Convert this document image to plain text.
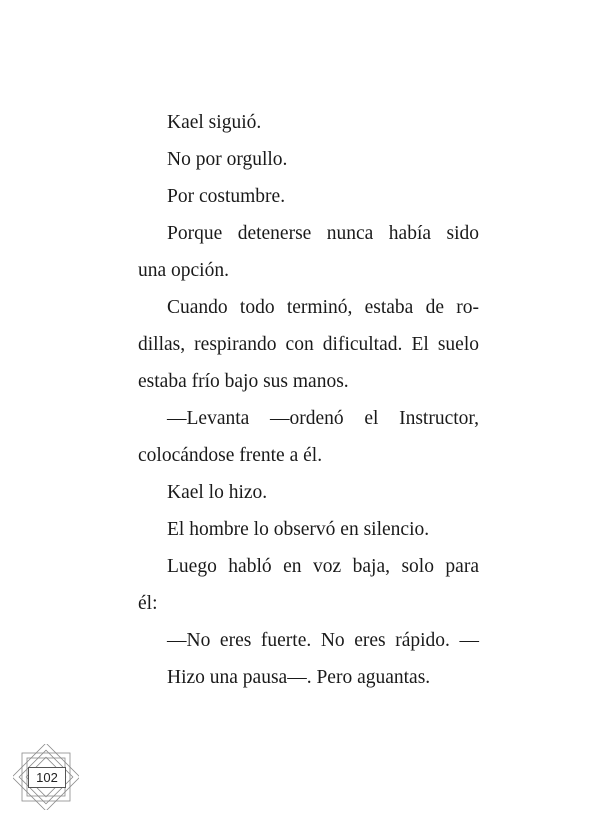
Kael siguió.
No por orgullo.
Por costumbre.
Porque detenerse nunca había sido
una opción.
Cuando todo terminó, estaba de ro-
dillas, respirando con dificultad. El suelo
estaba frío bajo sus manos.
—Levanta —ordenó el Instructor,
colocándose frente a él.
Kael lo hizo.
El hombre lo observó en silencio.
Luego habló en voz baja, solo para
él:
—No eres fuerte. No eres rápido. —
Hizo una pausa—. Pero aguantas.
102
